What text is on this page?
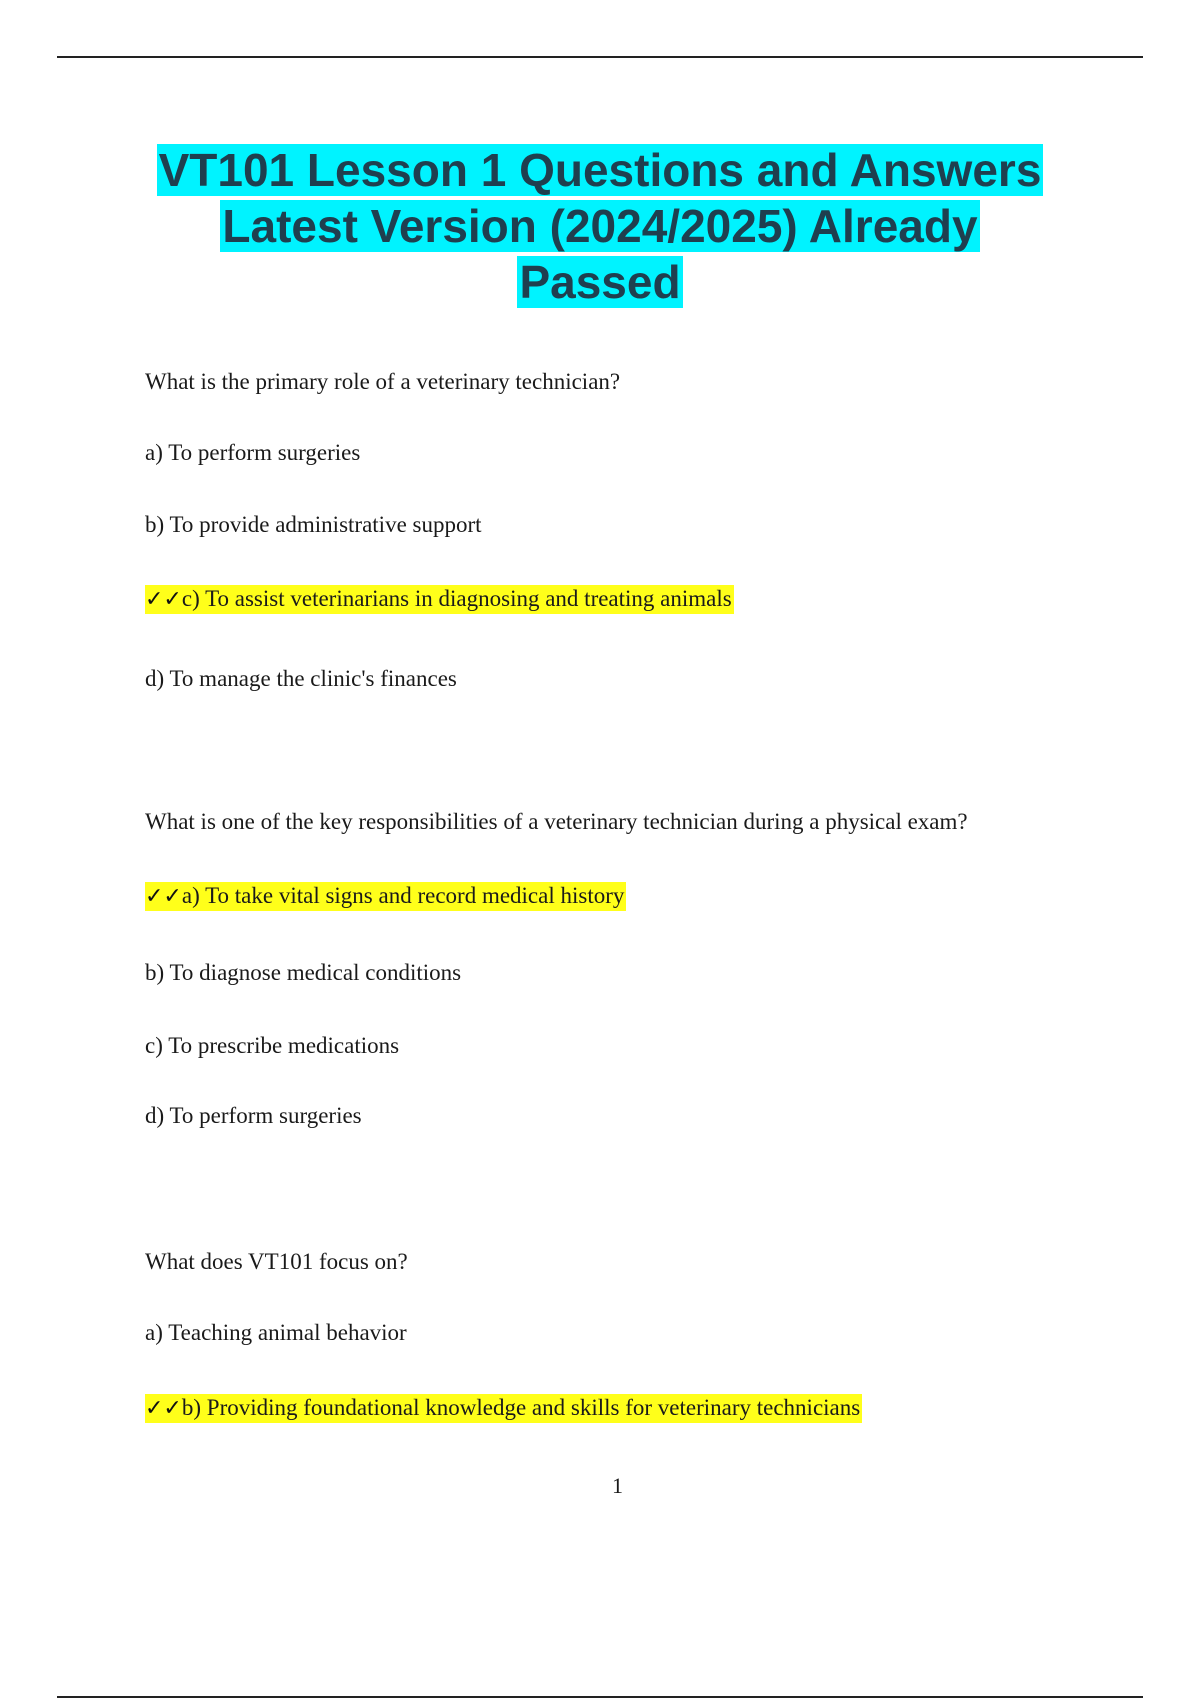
VT101 Lesson 1 Questions and Answers
Latest Version (2024/2025) Already
Passed

What is the primary role of a veterinary technician?

a) To perform surgeries

b) To provide administrative support

✓✓c) To assist veterinarians in diagnosing and treating animals

d) To manage the clinic's finances

What is one of the key responsibilities of a veterinary technician during a physical exam?

✓✓a) To take vital signs and record medical history

b) To diagnose medical conditions

c) To prescribe medications

d) To perform surgeries

What does VT101 focus on?

a) Teaching animal behavior

✓✓b) Providing foundational knowledge and skills for veterinary technicians

1
